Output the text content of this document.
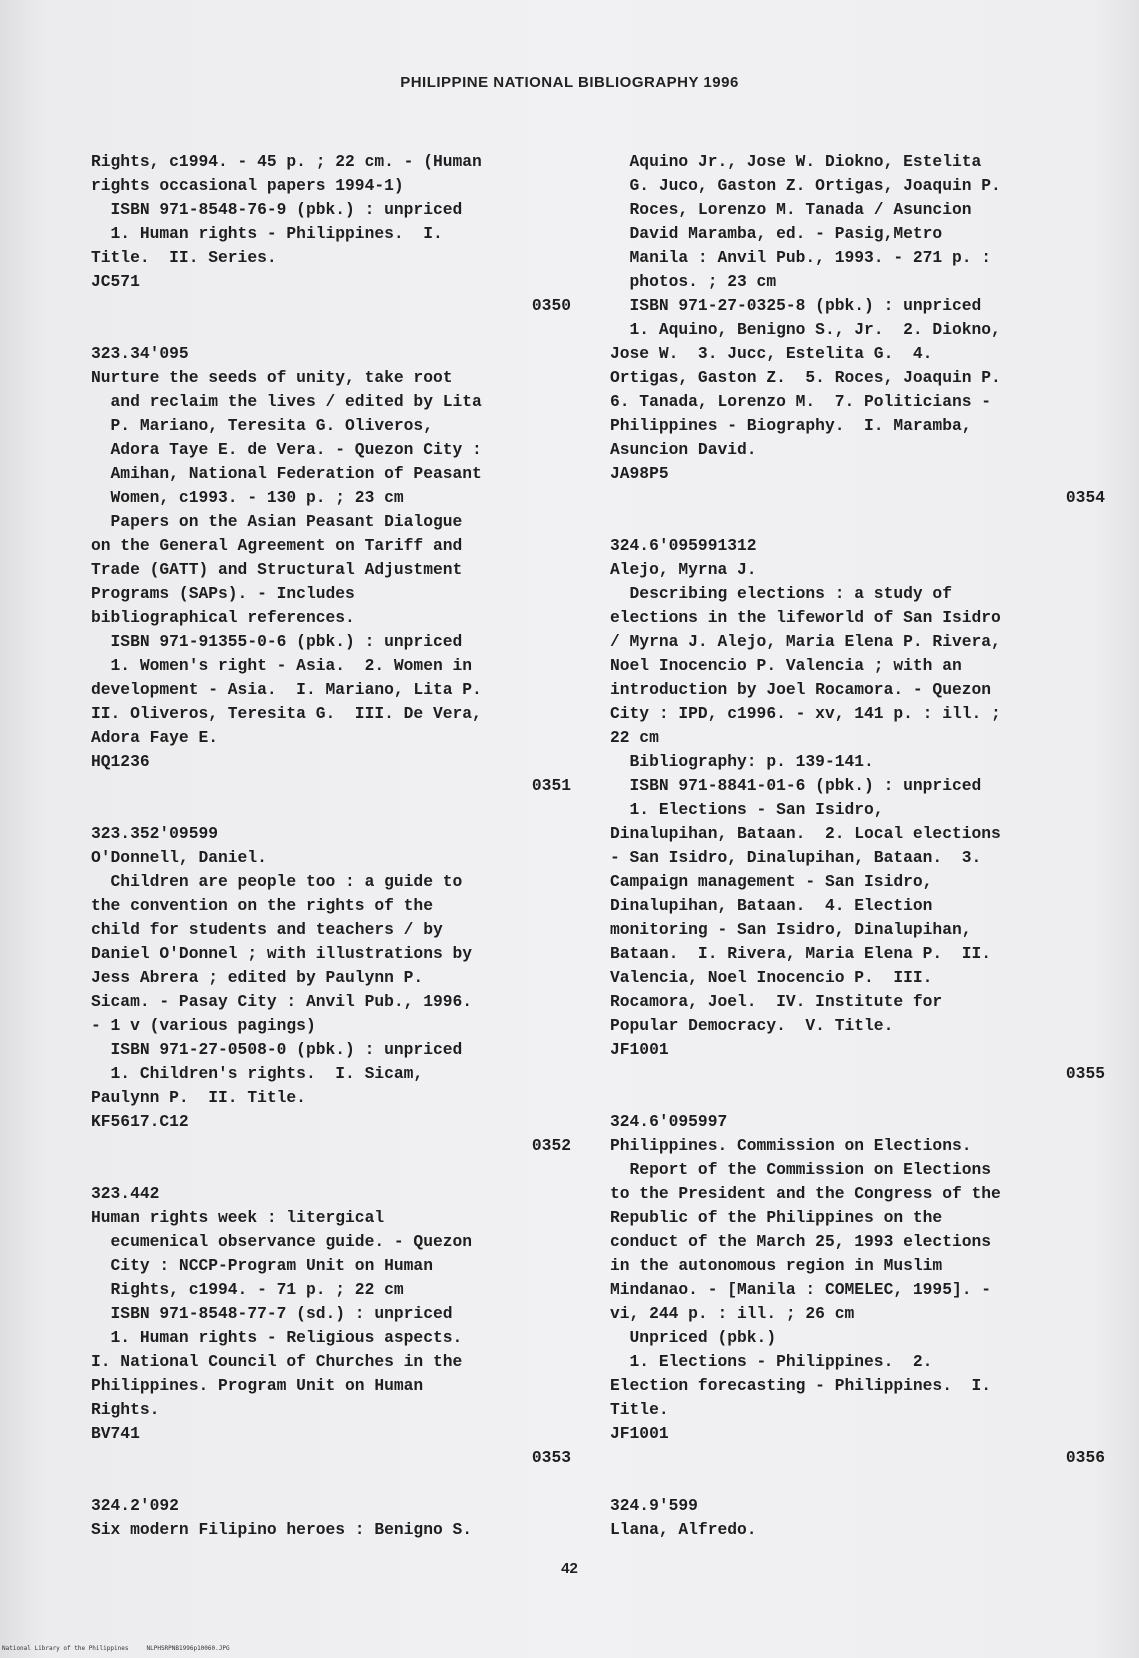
PHILIPPINE NATIONAL BIBLIOGRAPHY 1996
Rights, c1994. - 45 p. ; 22 cm. - (Human
rights occasional papers 1994-1)
ISBN 971-8548-76-9 (pbk.) : unpriced
1. Human rights - Philippines.  I.
Title.  II. Series.
JC571
0350
323.34'095
Nurture the seeds of unity, take root
and reclaim the lives / edited by Lita
P. Mariano, Teresita G. Oliveros,
Adora Taye E. de Vera. - Quezon City :
Amihan, National Federation of Peasant
Women, c1993. - 130 p. ; 23 cm
Papers on the Asian Peasant Dialogue
on the General Agreement on Tariff and
Trade (GATT) and Structural Adjustment
Programs (SAPs). - Includes
bibliographical references.
ISBN 971-91355-0-6 (pbk.) : unpriced
1. Women's right - Asia.  2. Women in
development - Asia.  I. Mariano, Lita P.
II. Oliveros, Teresita G.  III. De Vera,
Adora Faye E.
HQ1236
0351
323.352'09599
O'Donnell, Daniel.
Children are people too : a guide to
the convention on the rights of the
child for students and teachers / by
Daniel O'Donnel ; with illustrations by
Jess Abrera ; edited by Paulynn P.
Sicam. - Pasay City : Anvil Pub., 1996.
- 1 v (various pagings)
ISBN 971-27-0508-0 (pbk.) : unpriced
1. Children's rights.  I. Sicam,
Paulynn P.  II. Title.
KF5617.C12
0352
323.442
Human rights week : litergical
ecumenical observance guide. - Quezon
City : NCCP-Program Unit on Human
Rights, c1994. - 71 p. ; 22 cm
ISBN 971-8548-77-7 (sd.) : unpriced
1. Human rights - Religious aspects.
I. National Council of Churches in the
Philippines. Program Unit on Human
Rights.
BV741
0353
324.2'092
Six modern Filipino heroes : Benigno S.
Aquino Jr., Jose W. Diokno, Estelita
G. Juco, Gaston Z. Ortigas, Joaquin P.
Roces, Lorenzo M. Tanada / Asuncion
David Maramba, ed. - Pasig,Metro
Manila : Anvil Pub., 1993. - 271 p. :
photos. ; 23 cm
ISBN 971-27-0325-8 (pbk.) : unpriced
1. Aquino, Benigno S., Jr.  2. Diokno,
Jose W.  3. Jucc, Estelita G.  4.
Ortigas, Gaston Z.  5. Roces, Joaquin P.
6. Tanada, Lorenzo M.  7. Politicians -
Philippines - Biography.  I. Maramba,
Asuncion David.
JA98P5
0354
324.6'095991312
Alejo, Myrna J.
Describing elections : a study of
elections in the lifeworld of San Isidro
/ Myrna J. Alejo, Maria Elena P. Rivera,
Noel Inocencio P. Valencia ; with an
introduction by Joel Rocamora. - Quezon
City : IPD, c1996. - xv, 141 p. : ill. ;
22 cm
Bibliography: p. 139-141.
ISBN 971-8841-01-6 (pbk.) : unpriced
1. Elections - San Isidro,
Dinalupihan, Bataan.  2. Local elections
- San Isidro, Dinalupihan, Bataan.  3.
Campaign management - San Isidro,
Dinalupihan, Bataan.  4. Election
monitoring - San Isidro, Dinalupihan,
Bataan.  I. Rivera, Maria Elena P.  II.
Valencia, Noel Inocencio P.  III.
Rocamora, Joel.  IV. Institute for
Popular Democracy.  V. Title.
JF1001
0355
324.6'095997
Philippines. Commission on Elections.
Report of the Commission on Elections
to the President and the Congress of the
Republic of the Philippines on the
conduct of the March 25, 1993 elections
in the autonomous region in Muslim
Mindanao. - [Manila : COMELEC, 1995]. -
vi, 244 p. : ill. ; 26 cm
Unpriced (pbk.)
1. Elections - Philippines.  2.
Election forecasting - Philippines.  I.
Title.
JF1001
0356
324.9'599
Llana, Alfredo.
42
National Library of the Philippines     NLPHSRPNB1996p10060.JPG
